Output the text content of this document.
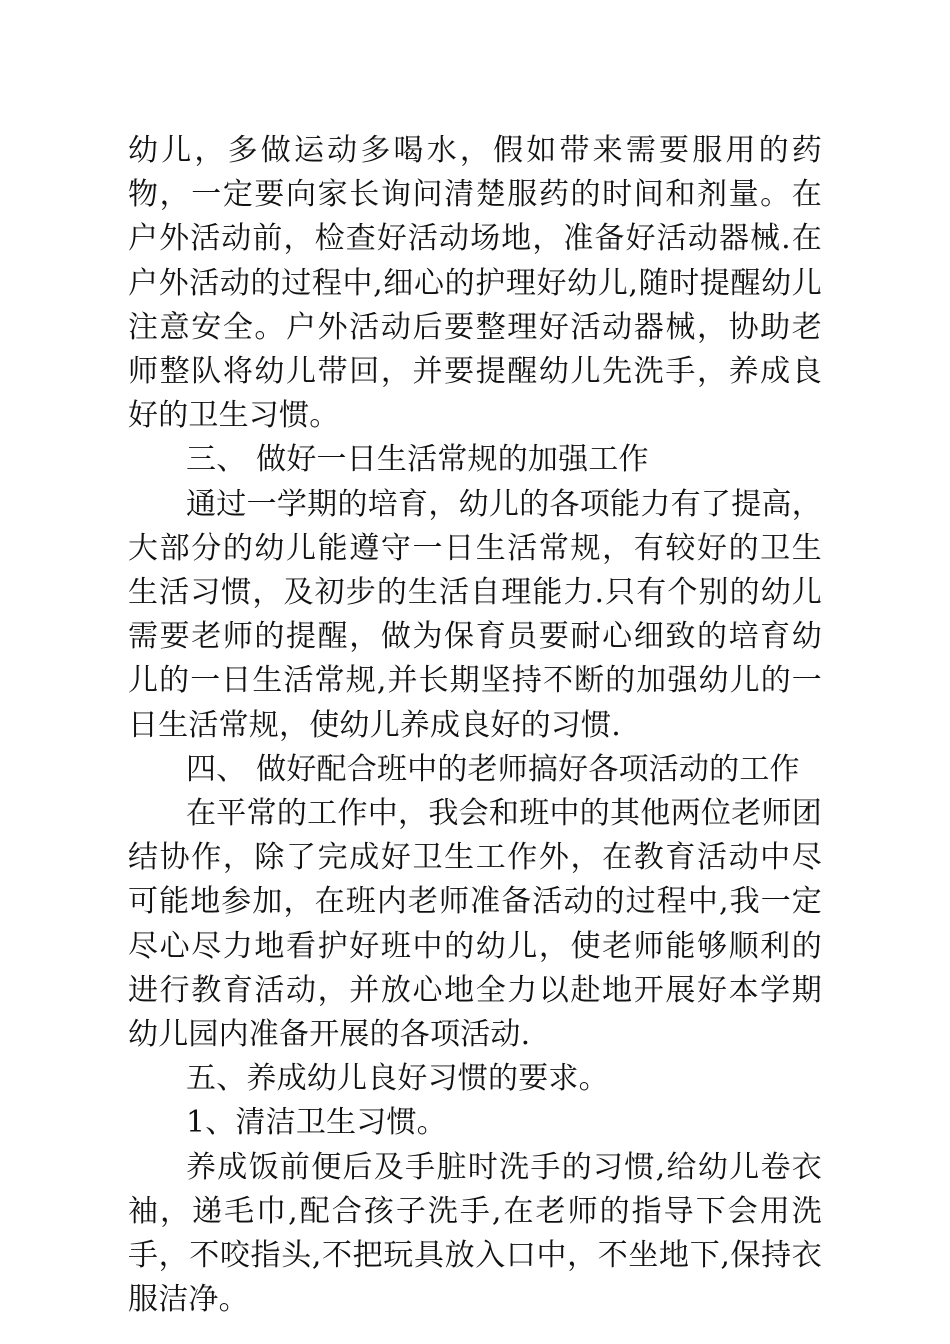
幼儿，多做运动多喝水，假如带来需要服用的药物，一定要向家长询问清楚服药的时间和剂量。在户外活动前，检查好活动场地，准备好活动器械.在户外活动的过程中,细心的护理好幼儿,随时提醒幼儿注意安全。户外活动后要整理好活动器械，协助老师整队将幼儿带回，并要提醒幼儿先洗手，养成良好的卫生习惯。

三、 做好一日生活常规的加强工作

通过一学期的培育，幼儿的各项能力有了提高，大部分的幼儿能遵守一日生活常规，有较好的卫生生活习惯，及初步的生活自理能力.只有个别的幼儿需要老师的提醒，做为保育员要耐心细致的培育幼儿的一日生活常规,并长期坚持不断的加强幼儿的一日生活常规，使幼儿养成良好的习惯.

四、 做好配合班中的老师搞好各项活动的工作

在平常的工作中，我会和班中的其他两位老师团结协作，除了完成好卫生工作外，在教育活动中尽可能地参加，在班内老师准备活动的过程中,我一定尽心尽力地看护好班中的幼儿，使老师能够顺利的进行教育活动，并放心地全力以赴地开展好本学期幼儿园内准备开展的各项活动.

五、养成幼儿良好习惯的要求。

1、清洁卫生习惯。

养成饭前便后及手脏时洗手的习惯,给幼儿卷衣袖，递毛巾,配合孩子洗手,在老师的指导下会用洗手，不咬指头,不把玩具放入口中，不坐地下,保持衣服洁净。
